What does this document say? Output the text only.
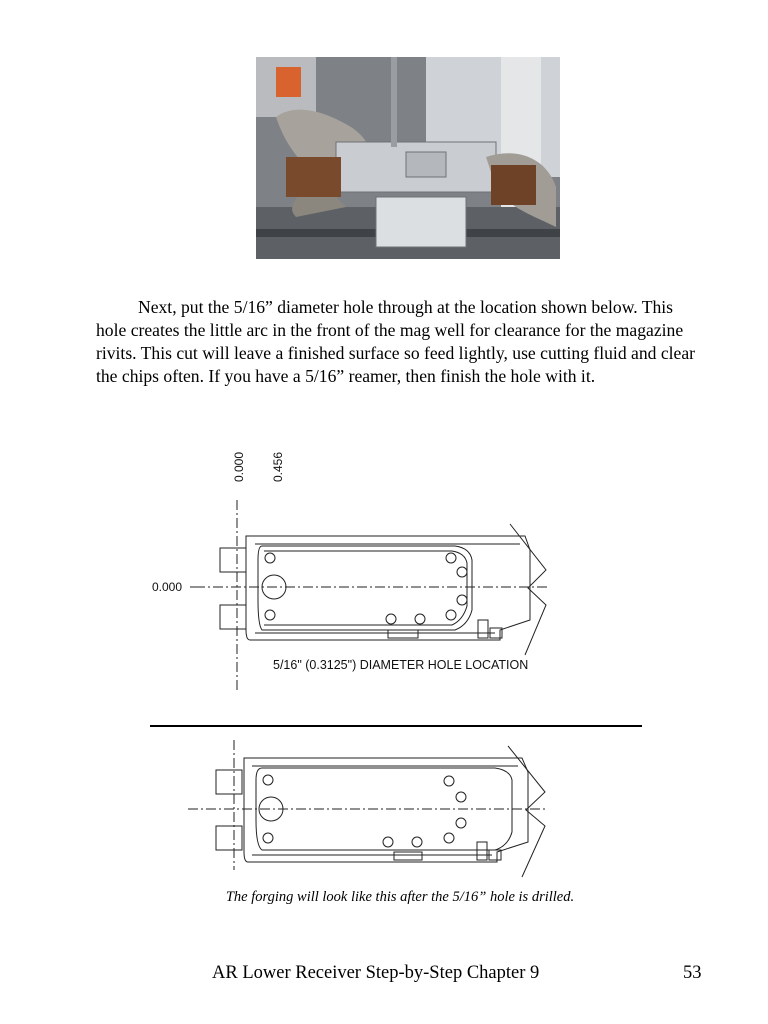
Next, put the 5/16” diameter hole through at the location shown below. This hole creates the little arc in the front of the mag well for clearance for the magazine rivits. This cut will leave a finished surface so feed lightly, use cutting fluid and clear the chips often. If you have a 5/16” reamer, then finish the hole with it.

0.000 0.456
0.000
5/16" (0.3125") DIAMETER HOLE LOCATION
The forging will look like this after the 5/16” hole is drilled.
AR Lower Receiver Step-by-Step Chapter 9	53
